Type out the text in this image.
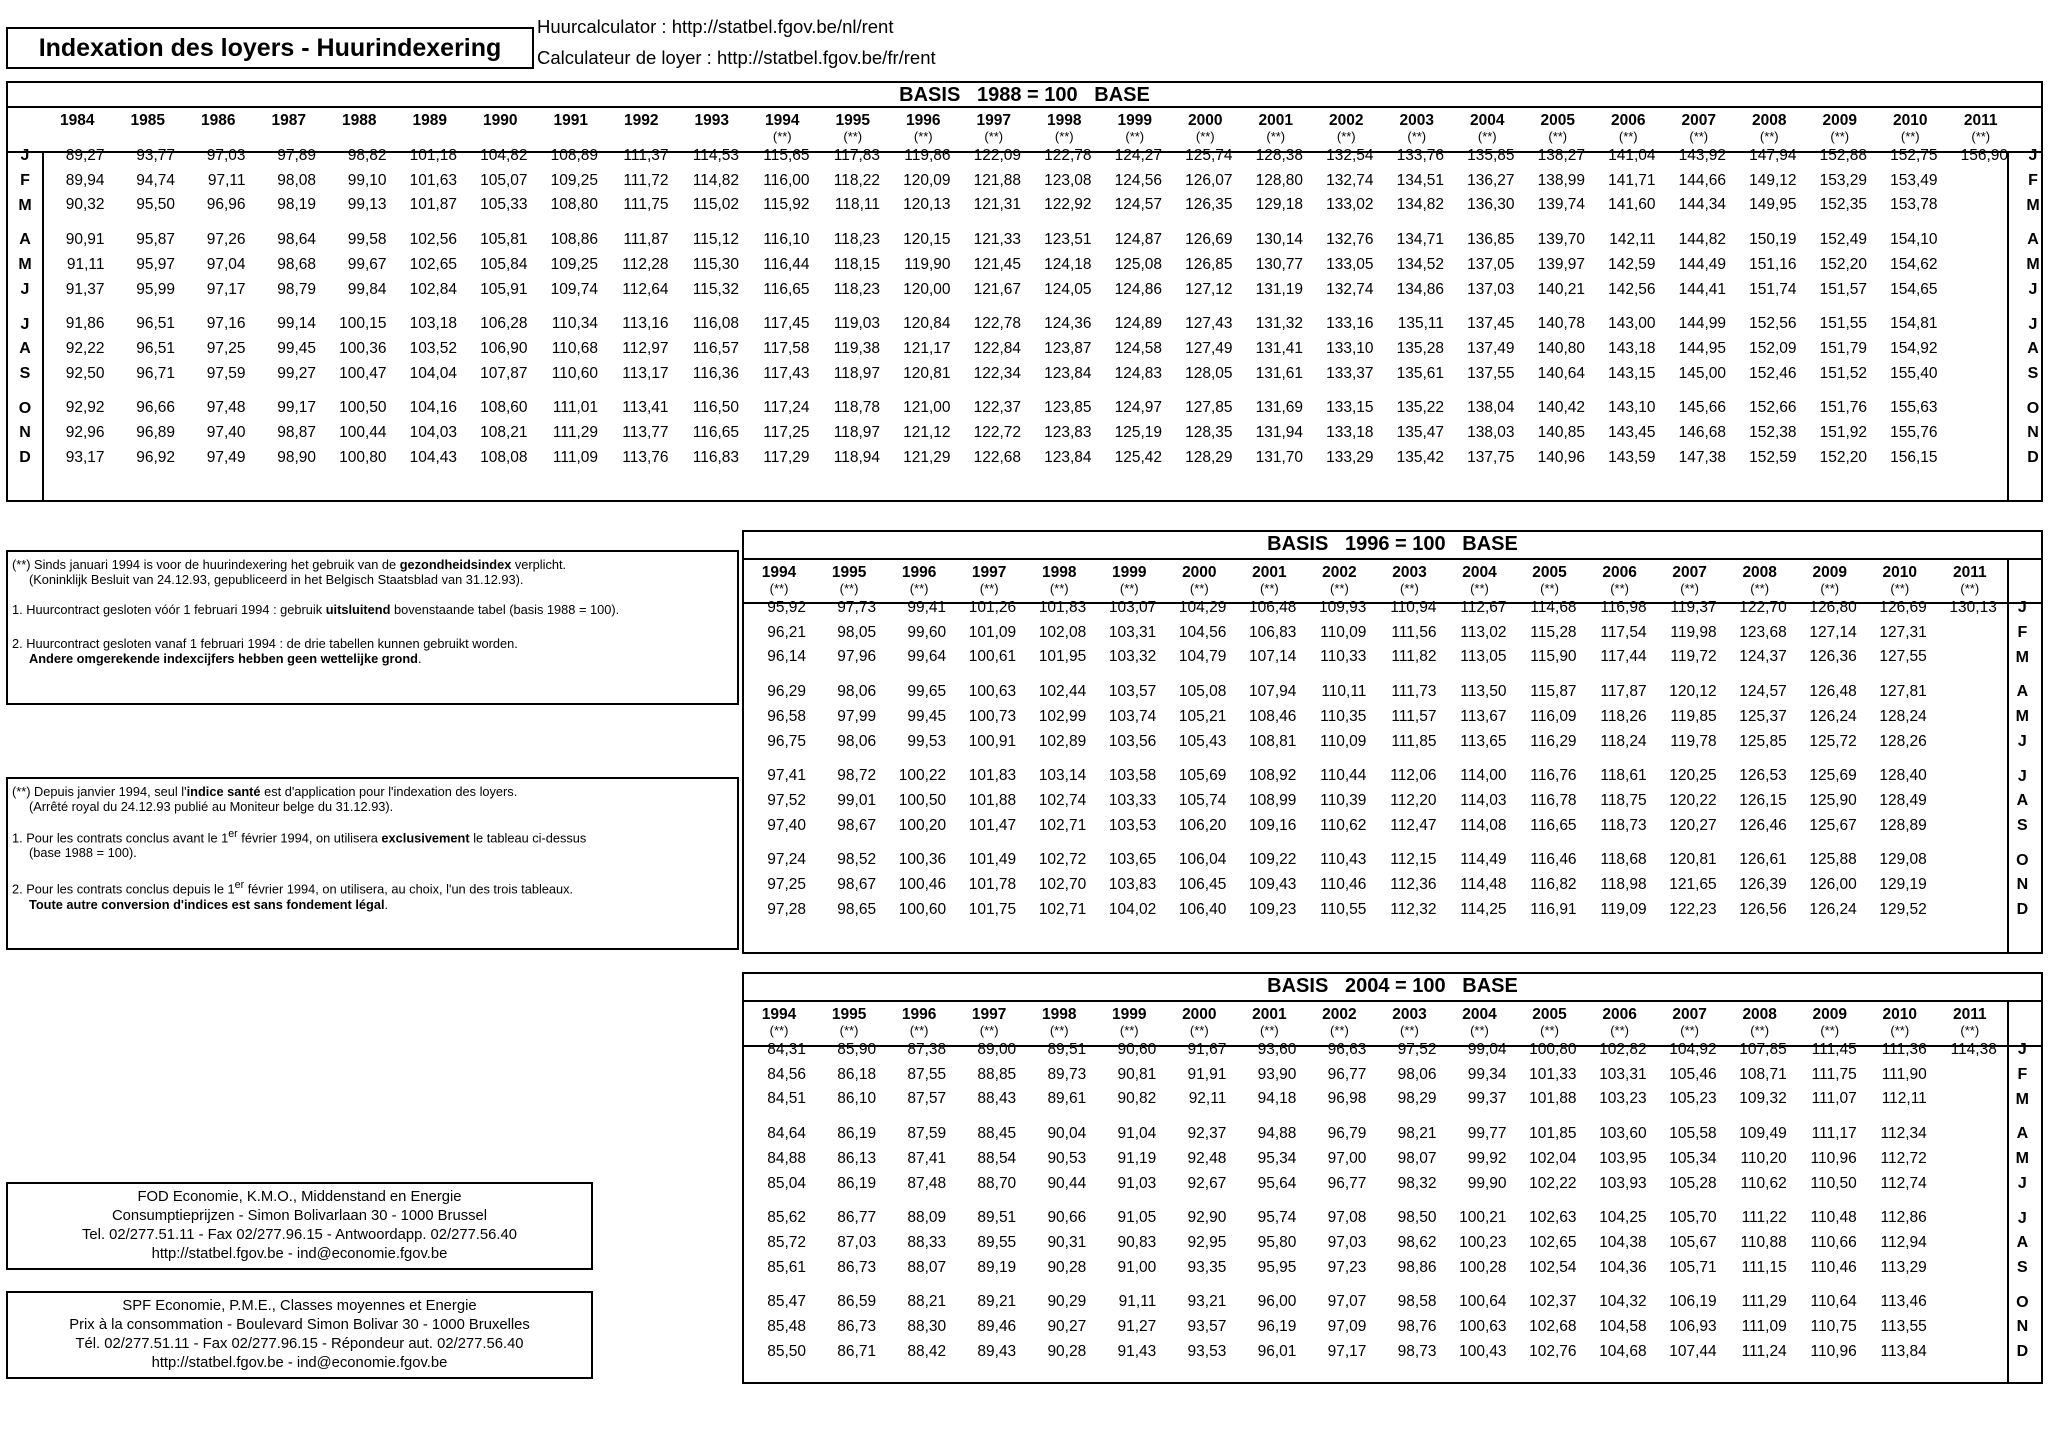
Indexation des loyers - Huurindexering
Huurcalculator : http://statbel.fgov.be/nl/rent
Calculateur de loyer : http://statbel.fgov.be/fr/rent
BASIS   1988 = 100   BASE
	1984	1985	1986	1987	1988	1989	1990	1991	1992	1993	1994	1995	1996	1997	1998	1999	2000	2001	2002	2003	2004	2005	2006	2007	2008	2009	2010	2011	
											(**)	(**)	(**)	(**)	(**)	(**)	(**)	(**)	(**)	(**)	(**)	(**)	(**)	(**)	(**)	(**)	(**)	(**)	
J	89,27	93,77	97,03	97,89	98,82	101,18	104,82	108,89	111,37	114,53	115,65	117,83	119,86	122,09	122,78	124,27	125,74	128,38	132,54	133,76	135,85	138,27	141,04	143,92	147,94	152,88	152,75	156,90	J
F	89,94	94,74	97,11	98,08	99,10	101,63	105,07	109,25	111,72	114,82	116,00	118,22	120,09	121,88	123,08	124,56	126,07	128,80	132,74	134,51	136,27	138,99	141,71	144,66	149,12	153,29	153,49		F
M	90,32	95,50	96,96	98,19	99,13	101,87	105,33	108,80	111,75	115,02	115,92	118,11	120,13	121,31	122,92	124,57	126,35	129,18	133,02	134,82	136,30	139,74	141,60	144,34	149,95	152,35	153,78		M

A	90,91	95,87	97,26	98,64	99,58	102,56	105,81	108,86	111,87	115,12	116,10	118,23	120,15	121,33	123,51	124,87	126,69	130,14	132,76	134,71	136,85	139,70	142,11	144,82	150,19	152,49	154,10		A
M	91,11	95,97	97,04	98,68	99,67	102,65	105,84	109,25	112,28	115,30	116,44	118,15	119,90	121,45	124,18	125,08	126,85	130,77	133,05	134,52	137,05	139,97	142,59	144,49	151,16	152,20	154,62		M
J	91,37	95,99	97,17	98,79	99,84	102,84	105,91	109,74	112,64	115,32	116,65	118,23	120,00	121,67	124,05	124,86	127,12	131,19	132,74	134,86	137,03	140,21	142,56	144,41	151,74	151,57	154,65		J

J	91,86	96,51	97,16	99,14	100,15	103,18	106,28	110,34	113,16	116,08	117,45	119,03	120,84	122,78	124,36	124,89	127,43	131,32	133,16	135,11	137,45	140,78	143,00	144,99	152,56	151,55	154,81		J
A	92,22	96,51	97,25	99,45	100,36	103,52	106,90	110,68	112,97	116,57	117,58	119,38	121,17	122,84	123,87	124,58	127,49	131,41	133,10	135,28	137,49	140,80	143,18	144,95	152,09	151,79	154,92		A
S	92,50	96,71	97,59	99,27	100,47	104,04	107,87	110,60	113,17	116,36	117,43	118,97	120,81	122,34	123,84	124,83	128,05	131,61	133,37	135,61	137,55	140,64	143,15	145,00	152,46	151,52	155,40		S

O	92,92	96,66	97,48	99,17	100,50	104,16	108,60	111,01	113,41	116,50	117,24	118,78	121,00	122,37	123,85	124,97	127,85	131,69	133,15	135,22	138,04	140,42	143,10	145,66	152,66	151,76	155,63		O
N	92,96	96,89	97,40	98,87	100,44	104,03	108,21	111,29	113,77	116,65	117,25	118,97	121,12	122,72	123,83	125,19	128,35	131,94	133,18	135,47	138,03	140,85	143,45	146,68	152,38	151,92	155,76		N
D	93,17	96,92	97,49	98,90	100,80	104,43	108,08	111,09	113,76	116,83	117,29	118,94	121,29	122,68	123,84	125,42	128,29	131,70	133,29	135,42	137,75	140,96	143,59	147,38	152,59	152,20	156,15		D
BASIS   1996 = 100   BASE
1994	1995	1996	1997	1998	1999	2000	2001	2002	2003	2004	2005	2006	2007	2008	2009	2010	2011	
(**)	(**)	(**)	(**)	(**)	(**)	(**)	(**)	(**)	(**)	(**)	(**)	(**)	(**)	(**)	(**)	(**)	(**)	
95,92	97,73	99,41	101,26	101,83	103,07	104,29	106,48	109,93	110,94	112,67	114,68	116,98	119,37	122,70	126,80	126,69	130,13	J
96,21	98,05	99,60	101,09	102,08	103,31	104,56	106,83	110,09	111,56	113,02	115,28	117,54	119,98	123,68	127,14	127,31		F
96,14	97,96	99,64	100,61	101,95	103,32	104,79	107,14	110,33	111,82	113,05	115,90	117,44	119,72	124,37	126,36	127,55		M

96,29	98,06	99,65	100,63	102,44	103,57	105,08	107,94	110,11	111,73	113,50	115,87	117,87	120,12	124,57	126,48	127,81		A
96,58	97,99	99,45	100,73	102,99	103,74	105,21	108,46	110,35	111,57	113,67	116,09	118,26	119,85	125,37	126,24	128,24		M
96,75	98,06	99,53	100,91	102,89	103,56	105,43	108,81	110,09	111,85	113,65	116,29	118,24	119,78	125,85	125,72	128,26		J

97,41	98,72	100,22	101,83	103,14	103,58	105,69	108,92	110,44	112,06	114,00	116,76	118,61	120,25	126,53	125,69	128,40		J
97,52	99,01	100,50	101,88	102,74	103,33	105,74	108,99	110,39	112,20	114,03	116,78	118,75	120,22	126,15	125,90	128,49		A
97,40	98,67	100,20	101,47	102,71	103,53	106,20	109,16	110,62	112,47	114,08	116,65	118,73	120,27	126,46	125,67	128,89		S

97,24	98,52	100,36	101,49	102,72	103,65	106,04	109,22	110,43	112,15	114,49	116,46	118,68	120,81	126,61	125,88	129,08		O
97,25	98,67	100,46	101,78	102,70	103,83	106,45	109,43	110,46	112,36	114,48	116,82	118,98	121,65	126,39	126,00	129,19		N
97,28	98,65	100,60	101,75	102,71	104,02	106,40	109,23	110,55	112,32	114,25	116,91	119,09	122,23	126,56	126,24	129,52		D
BASIS   2004 = 100   BASE
1994	1995	1996	1997	1998	1999	2000	2001	2002	2003	2004	2005	2006	2007	2008	2009	2010	2011	
(**)	(**)	(**)	(**)	(**)	(**)	(**)	(**)	(**)	(**)	(**)	(**)	(**)	(**)	(**)	(**)	(**)	(**)	
84,31	85,90	87,38	89,00	89,51	90,60	91,67	93,60	96,63	97,52	99,04	100,80	102,82	104,92	107,85	111,45	111,36	114,38	J
84,56	86,18	87,55	88,85	89,73	90,81	91,91	93,90	96,77	98,06	99,34	101,33	103,31	105,46	108,71	111,75	111,90		F
84,51	86,10	87,57	88,43	89,61	90,82	92,11	94,18	96,98	98,29	99,37	101,88	103,23	105,23	109,32	111,07	112,11		M

84,64	86,19	87,59	88,45	90,04	91,04	92,37	94,88	96,79	98,21	99,77	101,85	103,60	105,58	109,49	111,17	112,34		A
84,88	86,13	87,41	88,54	90,53	91,19	92,48	95,34	97,00	98,07	99,92	102,04	103,95	105,34	110,20	110,96	112,72		M
85,04	86,19	87,48	88,70	90,44	91,03	92,67	95,64	96,77	98,32	99,90	102,22	103,93	105,28	110,62	110,50	112,74		J

85,62	86,77	88,09	89,51	90,66	91,05	92,90	95,74	97,08	98,50	100,21	102,63	104,25	105,70	111,22	110,48	112,86		J
85,72	87,03	88,33	89,55	90,31	90,83	92,95	95,80	97,03	98,62	100,23	102,65	104,38	105,67	110,88	110,66	112,94		A
85,61	86,73	88,07	89,19	90,28	91,00	93,35	95,95	97,23	98,86	100,28	102,54	104,36	105,71	111,15	110,46	113,29		S

85,47	86,59	88,21	89,21	90,29	91,11	93,21	96,00	97,07	98,58	100,64	102,37	104,32	106,19	111,29	110,64	113,46		O
85,48	86,73	88,30	89,46	90,27	91,27	93,57	96,19	97,09	98,76	100,63	102,68	104,58	106,93	111,09	110,75	113,55		N
85,50	86,71	88,42	89,43	90,28	91,43	93,53	96,01	97,17	98,73	100,43	102,76	104,68	107,44	111,24	110,96	113,84		D

(**) Sinds januari 1994 is voor de huurindexering het gebruik van de gezondheidsindex verplicht.

(Koninklijk Besluit van 24.12.93, gepubliceerd in het Belgisch Staatsblad van 31.12.93).

1. Huurcontract gesloten vóór 1 februari 1994 : gebruik uitsluitend bovenstaande tabel (basis 1988 = 100).

2. Huurcontract gesloten vanaf 1 februari 1994 : de drie tabellen kunnen gebruikt worden.

Andere omgerekende indexcijfers hebben geen wettelijke grond.

(**) Depuis janvier 1994, seul l'indice santé est d'application pour l'indexation des loyers.

(Arrêté royal du 24.12.93 publié au Moniteur belge du 31.12.93).

1. Pour les contrats conclus avant le 1er février 1994, on utilisera exclusivement le tableau ci-dessus

(base 1988 = 100).

2. Pour les contrats conclus depuis le 1er février 1994, on utilisera, au choix, l'un des trois tableaux.

Toute autre conversion d'indices est sans fondement légal.

FOD Economie, K.M.O., Middenstand en Energie
Consumptieprijzen - Simon Bolivarlaan 30 - 1000 Brussel
Tel. 02/277.51.11 - Fax 02/277.96.15 - Antwoordapp. 02/277.56.40
http://statbel.fgov.be - ind@economie.fgov.be
SPF Economie, P.M.E., Classes moyennes et Energie
Prix à la consommation - Boulevard Simon Bolivar 30 - 1000 Bruxelles
Tél. 02/277.51.11 - Fax 02/277.96.15 - Répondeur aut. 02/277.56.40
http://statbel.fgov.be - ind@economie.fgov.be
